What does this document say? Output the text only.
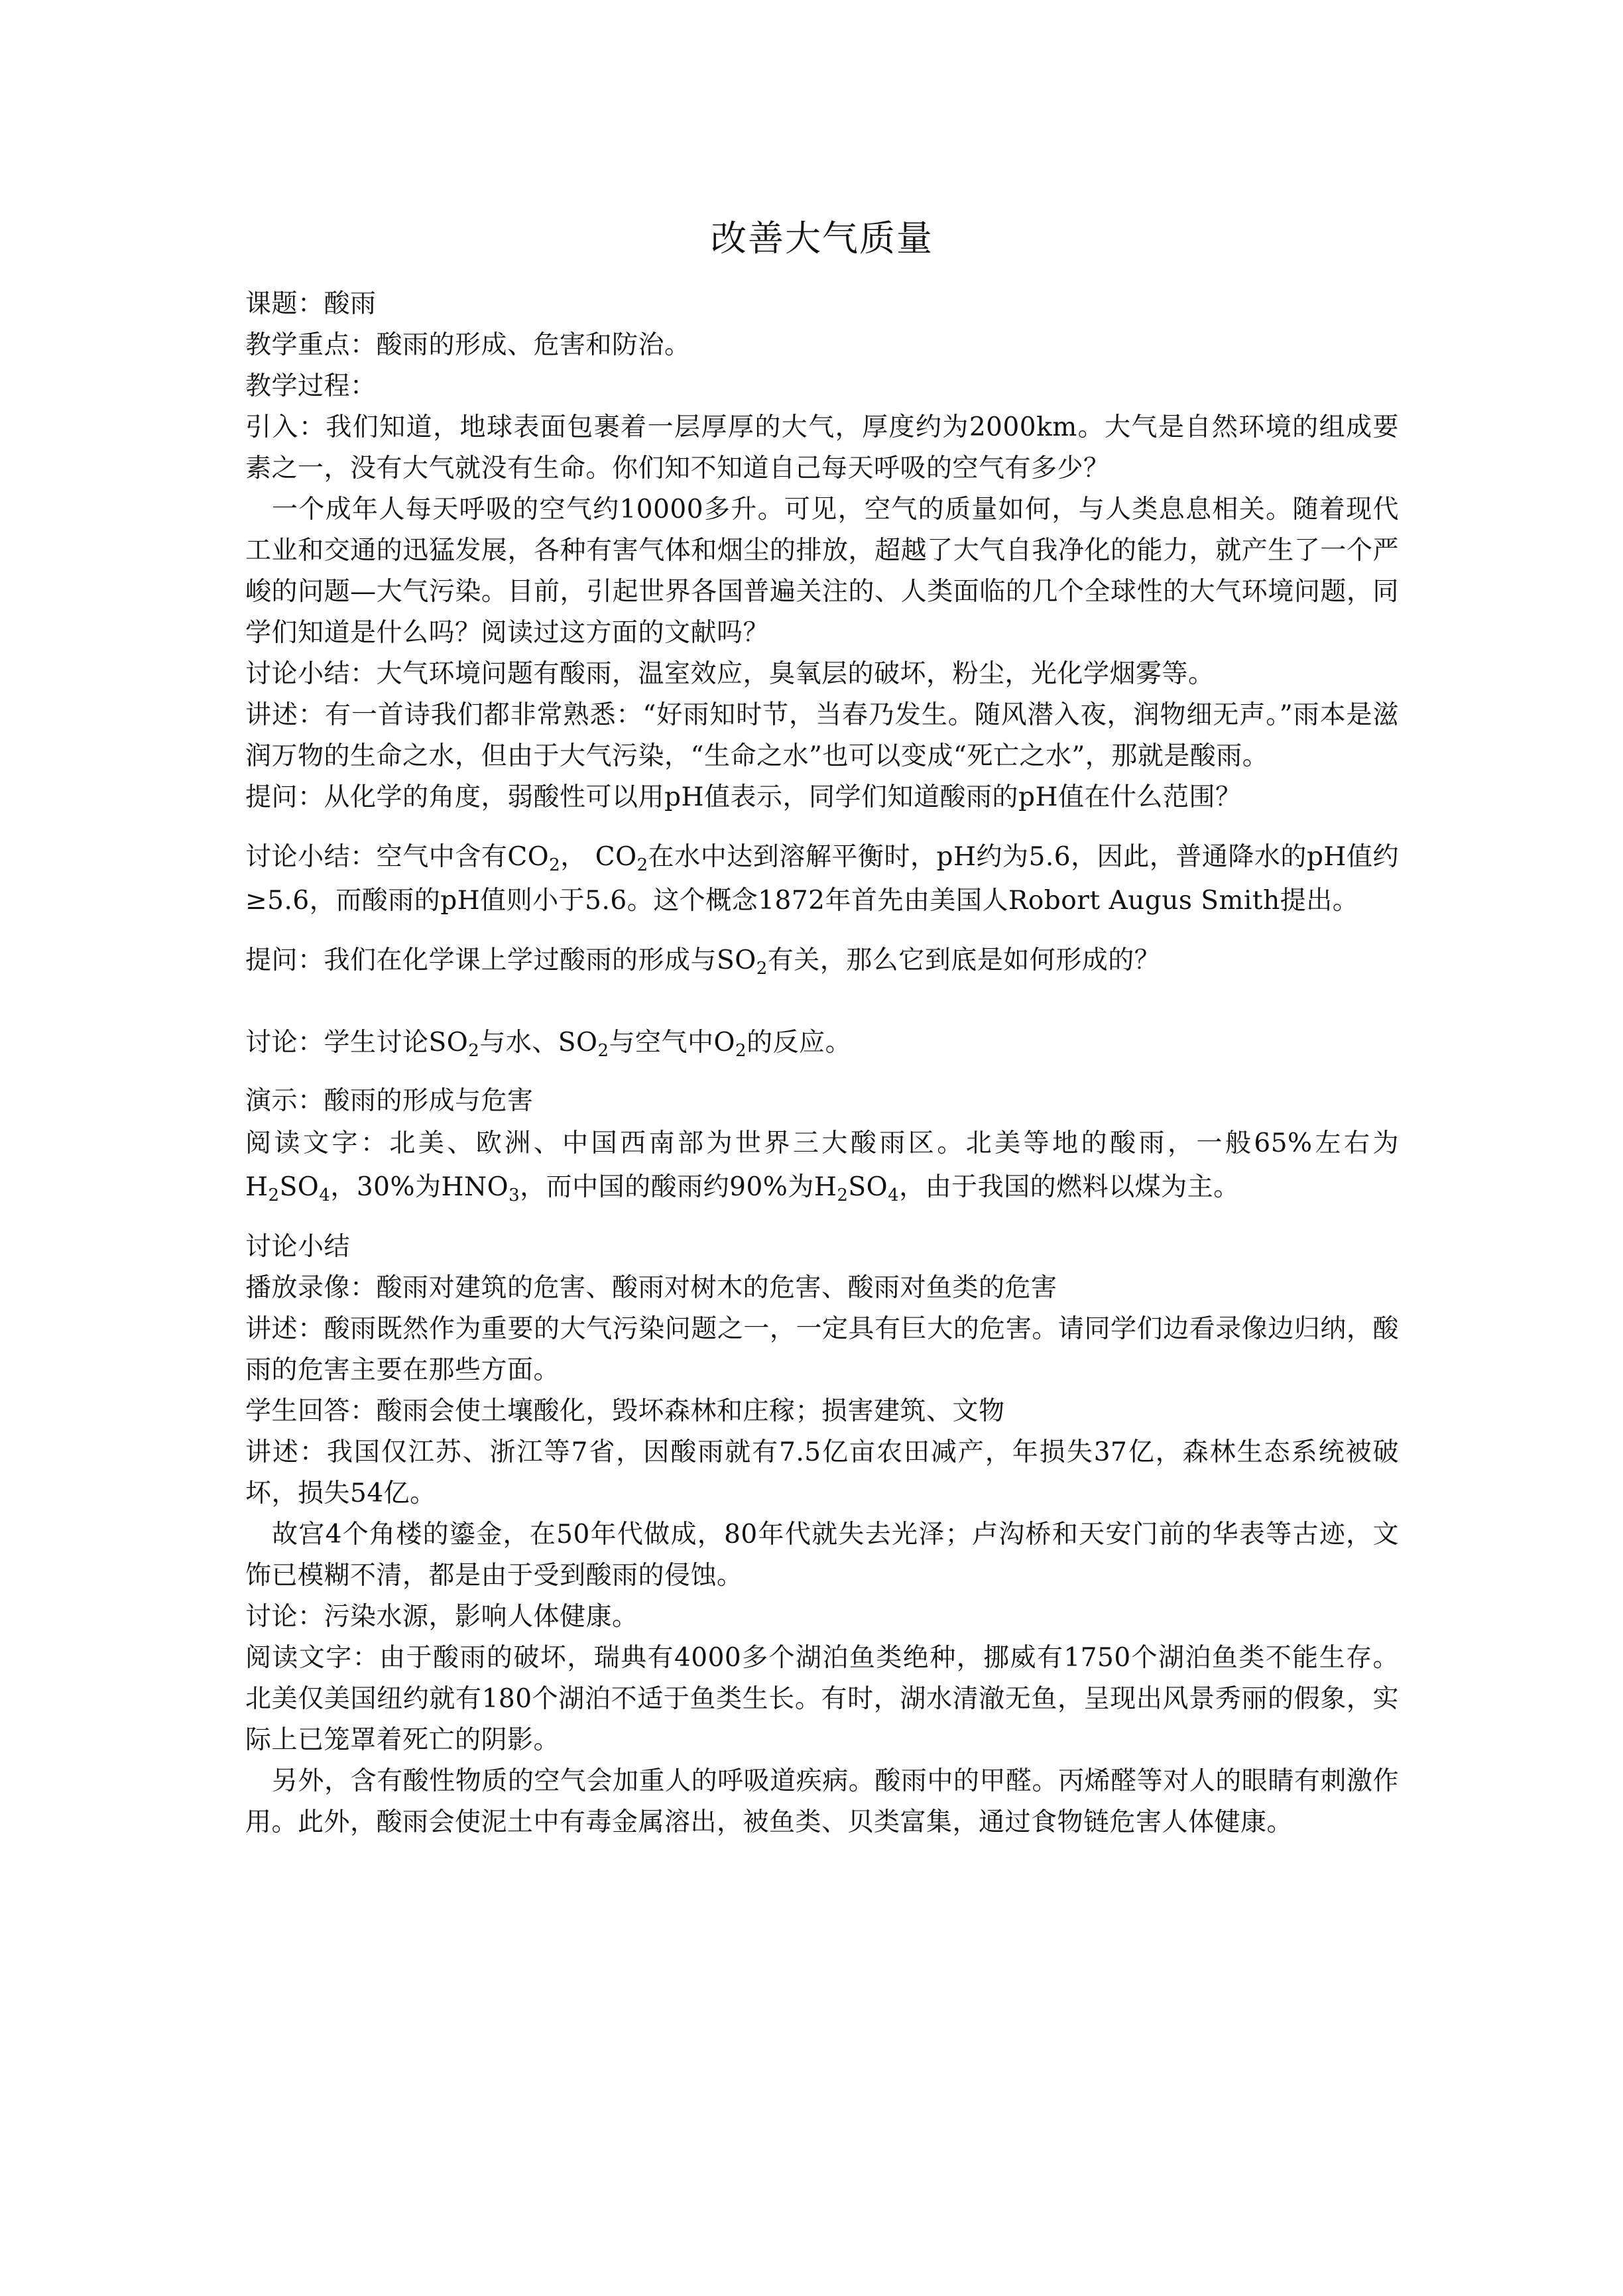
改善大气质量

课题：酸雨

教学重点：酸雨的形成、危害和防治。

教学过程：

引入：我们知道，地球表面包裹着一层厚厚的大气，厚度约为2000km。大气是自然环境的组成要素之一，没有大气就没有生命。你们知不知道自己每天呼吸的空气有多少？

一个成年人每天呼吸的空气约10000多升。可见，空气的质量如何，与人类息息相关。随着现代工业和交通的迅猛发展，各种有害气体和烟尘的排放，超越了大气自我净化的能力，就产生了一个严峻的问题—大气污染。目前，引起世界各国普遍关注的、人类面临的几个全球性的大气环境问题，同学们知道是什么吗？阅读过这方面的文献吗？

讨论小结：大气环境问题有酸雨，温室效应，臭氧层的破坏，粉尘，光化学烟雾等。

讲述：有一首诗我们都非常熟悉：“好雨知时节，当春乃发生。随风潜入夜，润物细无声。”雨本是滋润万物的生命之水，但由于大气污染，“生命之水”也可以变成“死亡之水”，那就是酸雨。

提问：从化学的角度，弱酸性可以用pH值表示，同学们知道酸雨的pH值在什么范围？

讨论小结：空气中含有$CO_2$， $CO_2$在水中达到溶解平衡时，pH约为5.6，因此，普通降水的pH值约≥5.6，而酸雨的pH值则小于5.6。这个概念1872年首先由美国人Robort Augus Smith提出。

提问：我们在化学课上学过酸雨的形成与$SO_2$有关，那么它到底是如何形成的？

讨论：学生讨论$SO_2$与水、$SO_2$与空气中$O_2$的反应。

演示：酸雨的形成与危害

阅读文字：北美、欧洲、中国西南部为世界三大酸雨区。北美等地的酸雨，一般65%左右为$H_2SO_4$，30%为$HNO_3$，而中国的酸雨约90%为$H_2SO_4$，由于我国的燃料以煤为主。

讨论小结

播放录像：酸雨对建筑的危害、酸雨对树木的危害、酸雨对鱼类的危害

讲述：酸雨既然作为重要的大气污染问题之一，一定具有巨大的危害。请同学们边看录像边归纳，酸雨的危害主要在那些方面。

学生回答：酸雨会使土壤酸化，毁坏森林和庄稼；损害建筑、文物

讲述：我国仅江苏、浙江等7省，因酸雨就有7.5亿亩农田减产，年损失37亿，森林生态系统被破坏，损失54亿。

故宫4个角楼的鎏金，在50年代做成，80年代就失去光泽；卢沟桥和天安门前的华表等古迹，文饰已模糊不清，都是由于受到酸雨的侵蚀。

讨论：污染水源，影响人体健康。

阅读文字：由于酸雨的破坏，瑞典有4000多个湖泊鱼类绝种，挪威有1750个湖泊鱼类不能生存。北美仅美国纽约就有180个湖泊不适于鱼类生长。有时，湖水清澈无鱼，呈现出风景秀丽的假象，实际上已笼罩着死亡的阴影。

另外，含有酸性物质的空气会加重人的呼吸道疾病。酸雨中的甲醛。丙烯醛等对人的眼睛有刺激作用。此外，酸雨会使泥土中有毒金属溶出，被鱼类、贝类富集，通过食物链危害人体健康。
